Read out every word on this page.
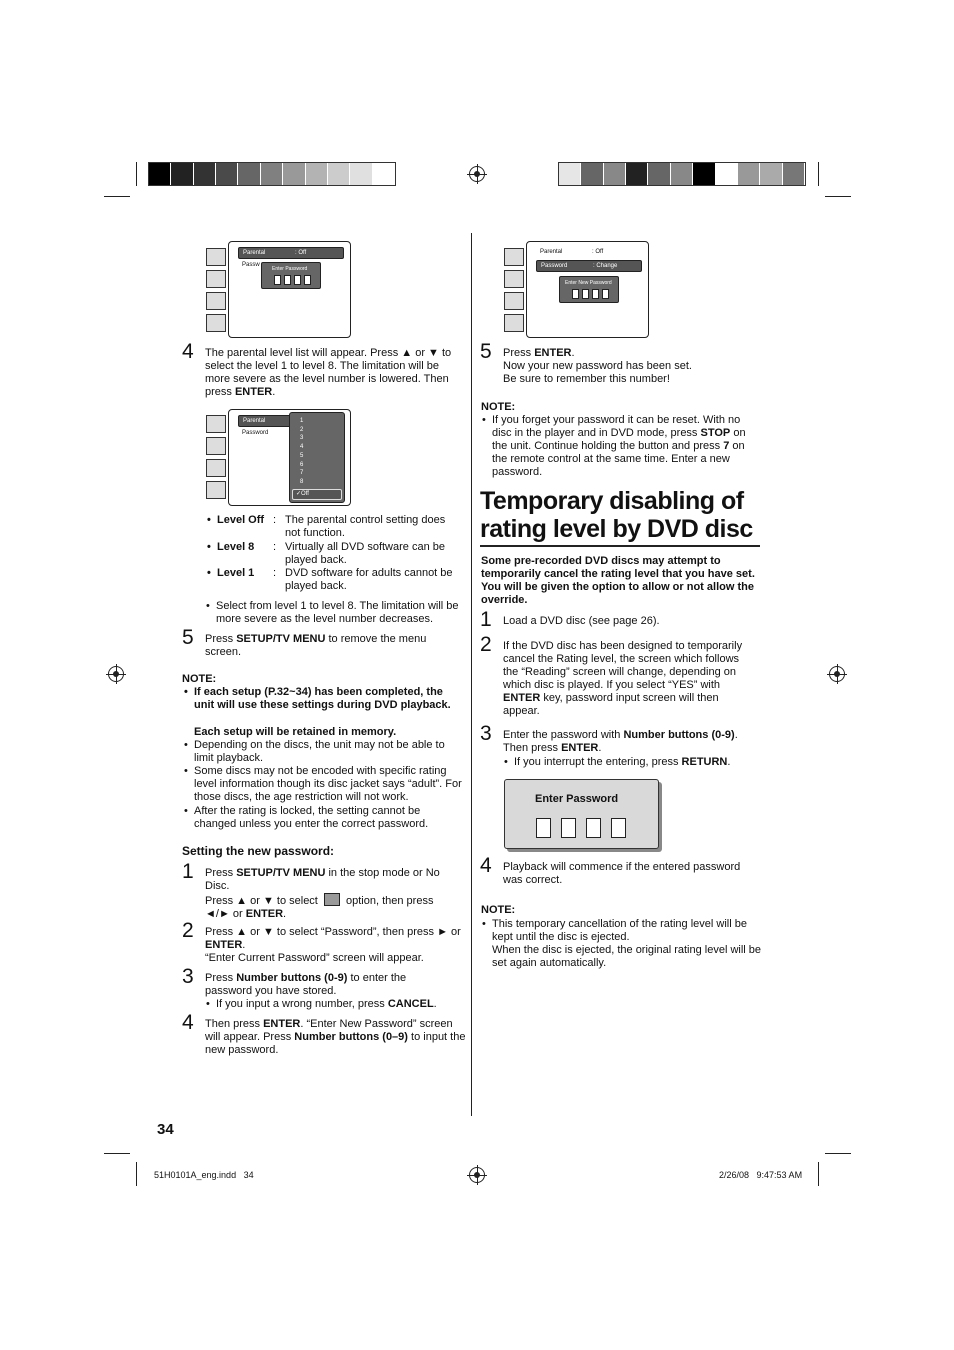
Parental	: Off
Passw
Enter Password
4 The parental level list will appear. Press ▲ or ▼ to select the level 1 to level 8. The limitation will be more severe as the level number is lowered. Then press ENTER.
Parental
Password
1
2
3
4
5
6
7
8
✓Off
• Level Off : The parental control setting does not function.
• Level 8 : Virtually all DVD software can be played back.
• Level 1 : DVD software for adults cannot be played back.
• Select from level 1 to level 8. The limitation will be more severe as the level number decreases.
5 Press SETUP/TV MENU to remove the menu screen.
NOTE:
• If each setup (P.32~34) has been completed, the unit will use these settings during DVD playback.
Each setup will be retained in memory.
• Depending on the discs, the unit may not be able to limit playback.
• Some discs may not be encoded with specific rating level information though its disc jacket says “adult”. For those discs, the age restriction will not work.
• After the rating is locked, the setting cannot be changed unless you enter the correct password.
Setting the new password:
1 Press SETUP/TV MENU in the stop mode or No Disc.
Press ▲ or ▼ to select	option, then press
◄/► or ENTER.
2 Press ▲ or ▼ to select “Password”, then press ► or ENTER.
“Enter Current Password” screen will appear.
3 Press Number buttons (0-9) to enter the password you have stored.
• If you input a wrong number, press CANCEL.
4 Then press ENTER. “Enter New Password” screen will appear. Press Number buttons (0–9) to input the new password.
34
Parental	: Off
Password	: Change
Enter New Password
5 Press ENTER.
Now your new password has been set.
Be sure to remember this number!
NOTE:
• If you forget your password it can be reset. With no disc in the player and in DVD mode, press STOP on the unit. Continue holding the button and press 7 on the remote control at the same time. Enter a new password.
Temporary disabling of rating level by DVD disc
Some pre-recorded DVD discs may attempt to temporarily cancel the rating level that you have set. You will be given the option to allow or not allow the override.
1 Load a DVD disc (see page 26).
2 If the DVD disc has been designed to temporarily cancel the Rating level, the screen which follows the “Reading” screen will change, depending on which disc is played. If you select “YES” with ENTER key, password input screen will then appear.
3 Enter the password with Number buttons (0-9).
Then press ENTER.
• If you interrupt the entering, press RETURN.
Enter Password
4 Playback will commence if the entered password was correct.
NOTE:
• This temporary cancellation of the rating level will be kept until the disc is ejected.
When the disc is ejected, the original rating level will be set again automatically.
51H0101A_eng.indd   34	2/26/08   9:47:53 AM
